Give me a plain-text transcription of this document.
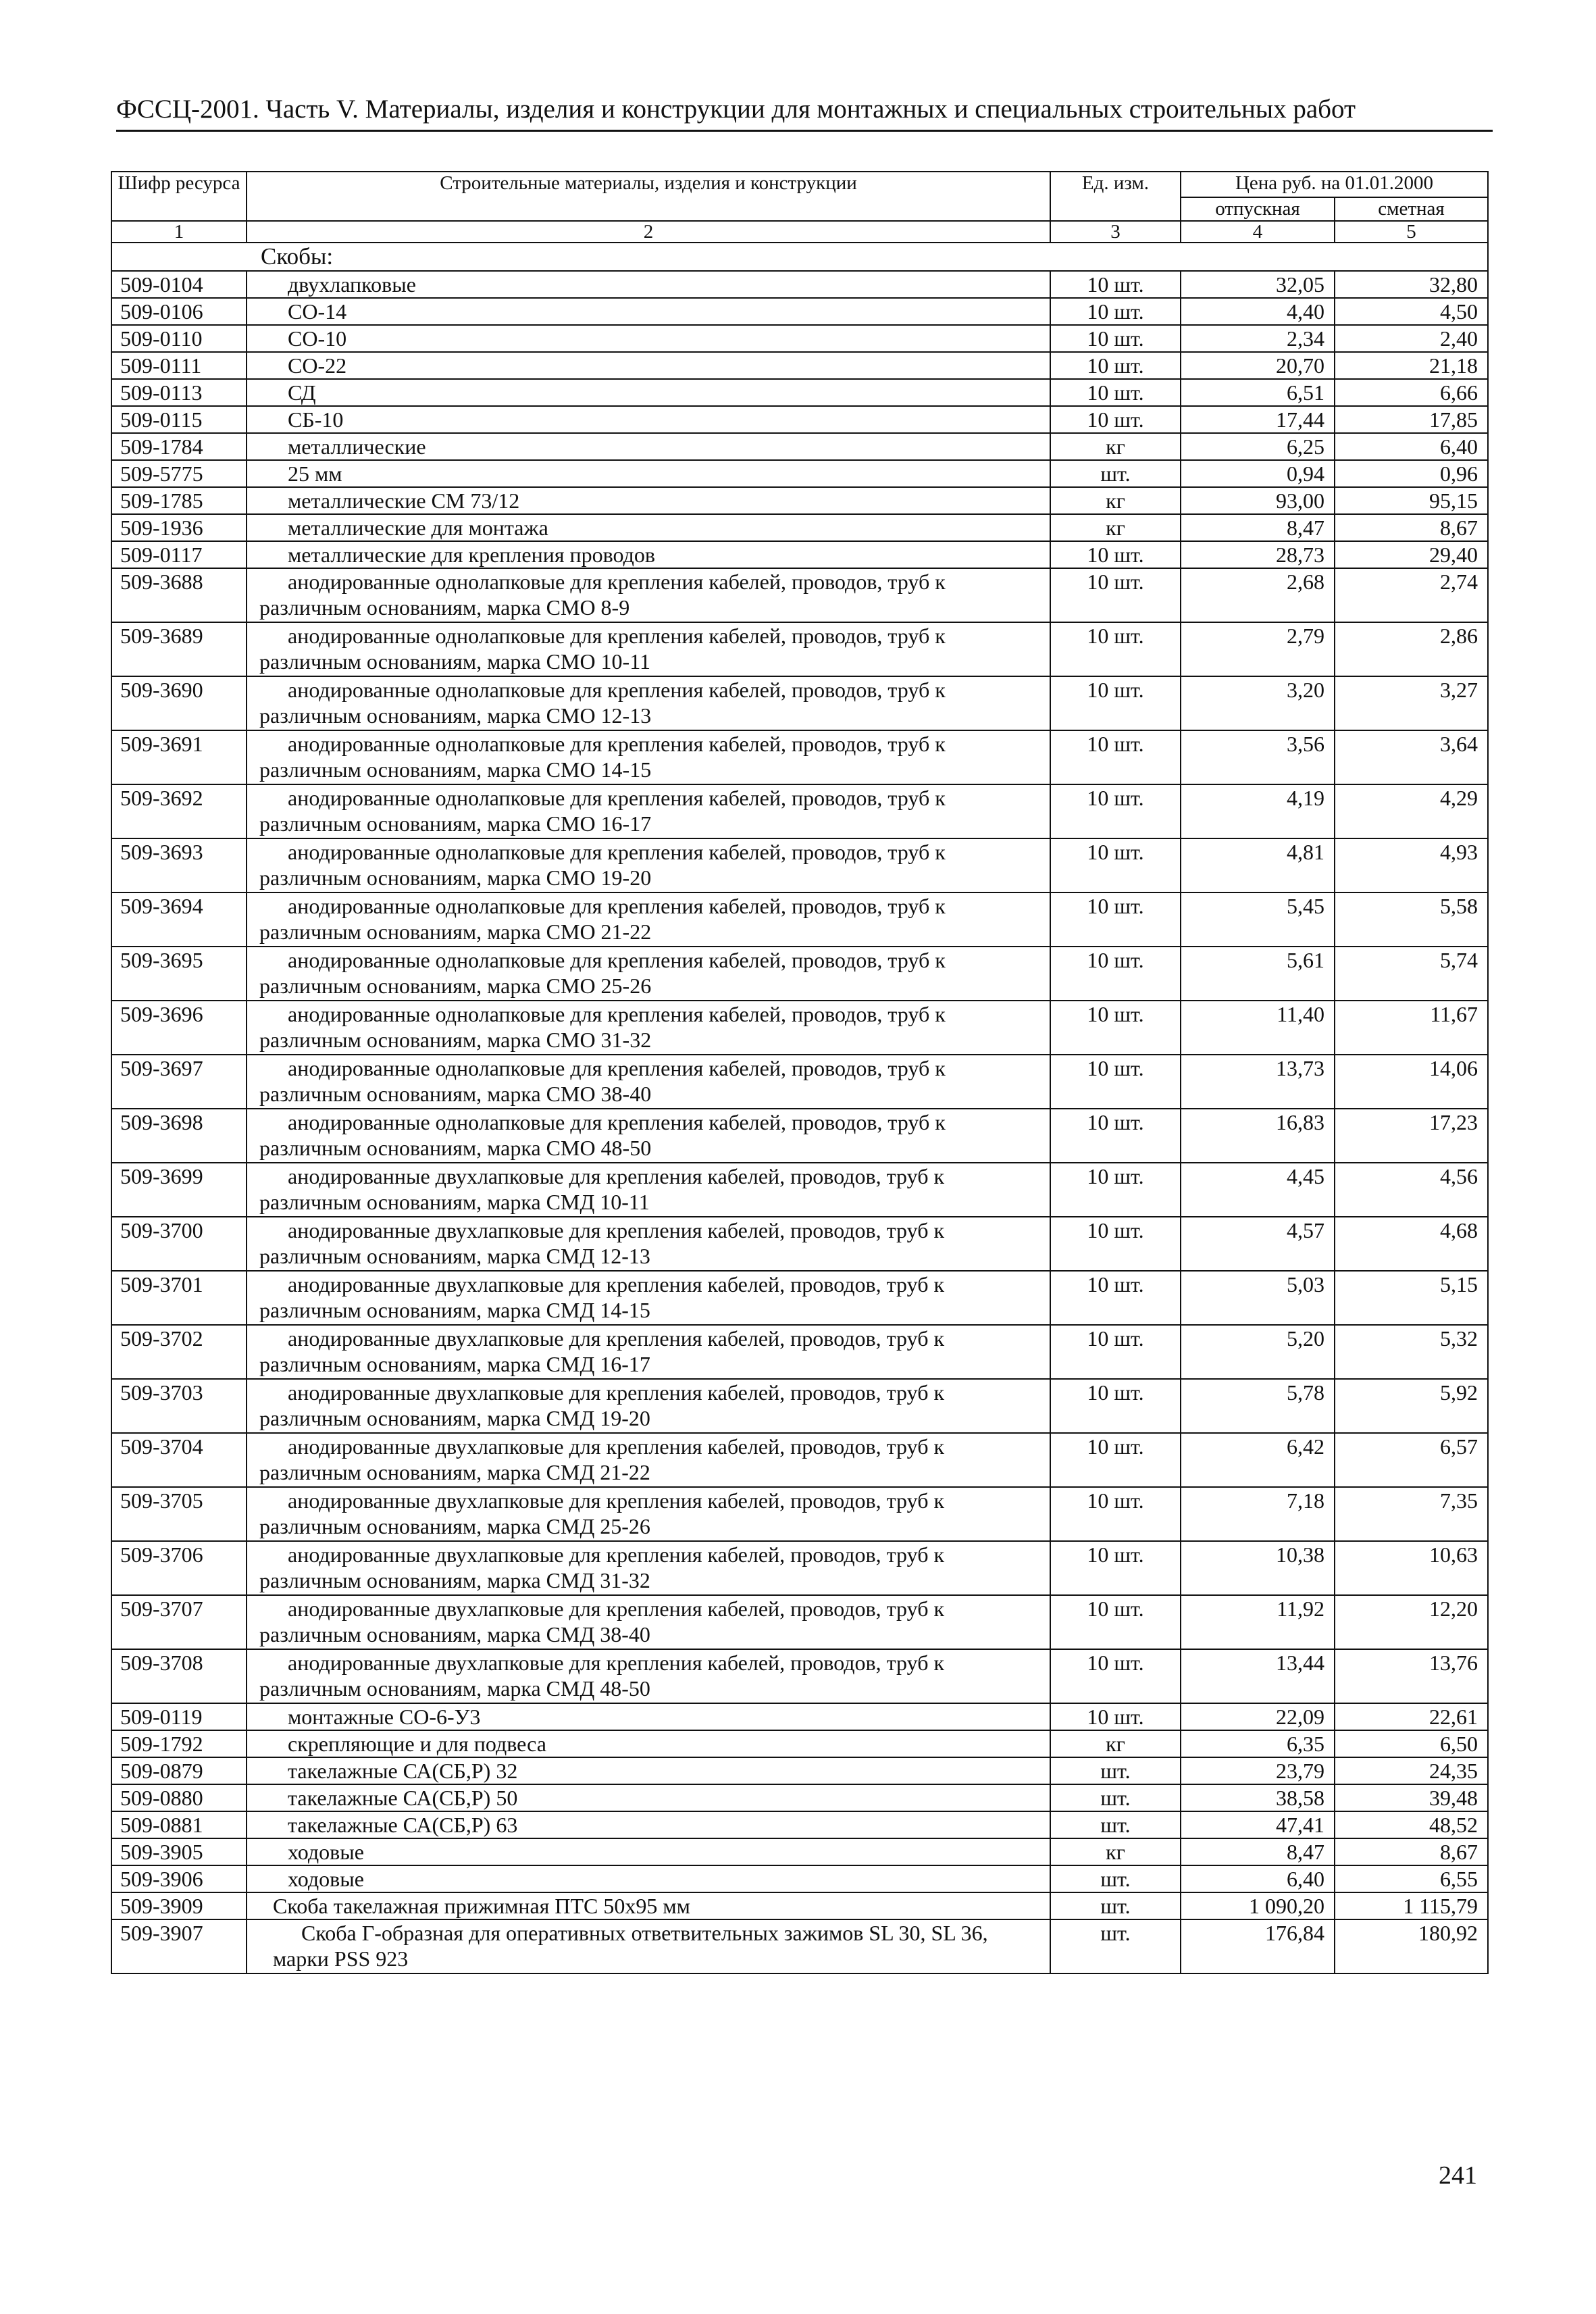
ФССЦ-2001. Часть V. Материалы, изделия и конструкции для монтажных и специальных строительных работ
Шифр ресурса	Строительные материалы, изделия и конструкции	Ед. изм.	Цена руб. на 01.01.2000	
			отпускная	сметная
1	2	3	4	5
Скобы:				
509-0104	двухлапковые	10 шт.	32,05	32,80
509-0106	СО-14	10 шт.	4,40	4,50
509-0110	СО-10	10 шт.	2,34	2,40
509-0111	СО-22	10 шт.	20,70	21,18
509-0113	СД	10 шт.	6,51	6,66
509-0115	СБ-10	10 шт.	17,44	17,85
509-1784	металлические	кг	6,25	6,40
509-5775	25 мм	шт.	0,94	0,96
509-1785	металлические СМ 73/12	кг	93,00	95,15
509-1936	металлические для монтажа	кг	8,47	8,67
509-0117	металлические для крепления проводов	10 шт.	28,73	29,40
509-3688	анодированные однолапковые для крепления кабелей, проводов, труб к различным основаниям, марка СМО 8-9	10 шт.	2,68	2,74
509-3689	анодированные однолапковые для крепления кабелей, проводов, труб к различным основаниям, марка СМО 10-11	10 шт.	2,79	2,86
509-3690	анодированные однолапковые для крепления кабелей, проводов, труб к различным основаниям, марка СМО 12-13	10 шт.	3,20	3,27
509-3691	анодированные однолапковые для крепления кабелей, проводов, труб к различным основаниям, марка СМО 14-15	10 шт.	3,56	3,64
509-3692	анодированные однолапковые для крепления кабелей, проводов, труб к различным основаниям, марка СМО 16-17	10 шт.	4,19	4,29
509-3693	анодированные однолапковые для крепления кабелей, проводов, труб к различным основаниям, марка СМО 19-20	10 шт.	4,81	4,93
509-3694	анодированные однолапковые для крепления кабелей, проводов, труб к различным основаниям, марка СМО 21-22	10 шт.	5,45	5,58
509-3695	анодированные однолапковые для крепления кабелей, проводов, труб к различным основаниям, марка СМО 25-26	10 шт.	5,61	5,74
509-3696	анодированные однолапковые для крепления кабелей, проводов, труб к различным основаниям, марка СМО 31-32	10 шт.	11,40	11,67
509-3697	анодированные однолапковые для крепления кабелей, проводов, труб к различным основаниям, марка СМО 38-40	10 шт.	13,73	14,06
509-3698	анодированные однолапковые для крепления кабелей, проводов, труб к различным основаниям, марка СМО 48-50	10 шт.	16,83	17,23
509-3699	анодированные двухлапковые для крепления кабелей, проводов, труб к различным основаниям, марка СМД 10-11	10 шт.	4,45	4,56
509-3700	анодированные двухлапковые для крепления кабелей, проводов, труб к различным основаниям, марка СМД 12-13	10 шт.	4,57	4,68
509-3701	анодированные двухлапковые для крепления кабелей, проводов, труб к различным основаниям, марка СМД 14-15	10 шт.	5,03	5,15
509-3702	анодированные двухлапковые для крепления кабелей, проводов, труб к различным основаниям, марка СМД 16-17	10 шт.	5,20	5,32
509-3703	анодированные двухлапковые для крепления кабелей, проводов, труб к различным основаниям, марка СМД 19-20	10 шт.	5,78	5,92
509-3704	анодированные двухлапковые для крепления кабелей, проводов, труб к различным основаниям, марка СМД 21-22	10 шт.	6,42	6,57
509-3705	анодированные двухлапковые для крепления кабелей, проводов, труб к различным основаниям, марка СМД 25-26	10 шт.	7,18	7,35
509-3706	анодированные двухлапковые для крепления кабелей, проводов, труб к различным основаниям, марка СМД 31-32	10 шт.	10,38	10,63
509-3707	анодированные двухлапковые для крепления кабелей, проводов, труб к различным основаниям, марка СМД 38-40	10 шт.	11,92	12,20
509-3708	анодированные двухлапковые для крепления кабелей, проводов, труб к различным основаниям, марка СМД 48-50	10 шт.	13,44	13,76
509-0119	монтажные СО-6-У3	10 шт.	22,09	22,61
509-1792	скрепляющие и для подвеса	кг	6,35	6,50
509-0879	такелажные СА(СБ,Р) 32	шт.	23,79	24,35
509-0880	такелажные СА(СБ,Р) 50	шт.	38,58	39,48
509-0881	такелажные СА(СБ,Р) 63	шт.	47,41	48,52
509-3905	ходовые	кг	8,47	8,67
509-3906	ходовые	шт.	6,40	6,55
509-3909	Скоба такелажная прижимная ПТС 50х95 мм	шт.	1 090,20	1 115,79
509-3907	Скоба Г-образная для оперативных ответвительных зажимов SL 30, SL 36, марки PSS 923	шт.	176,84	180,92
241
